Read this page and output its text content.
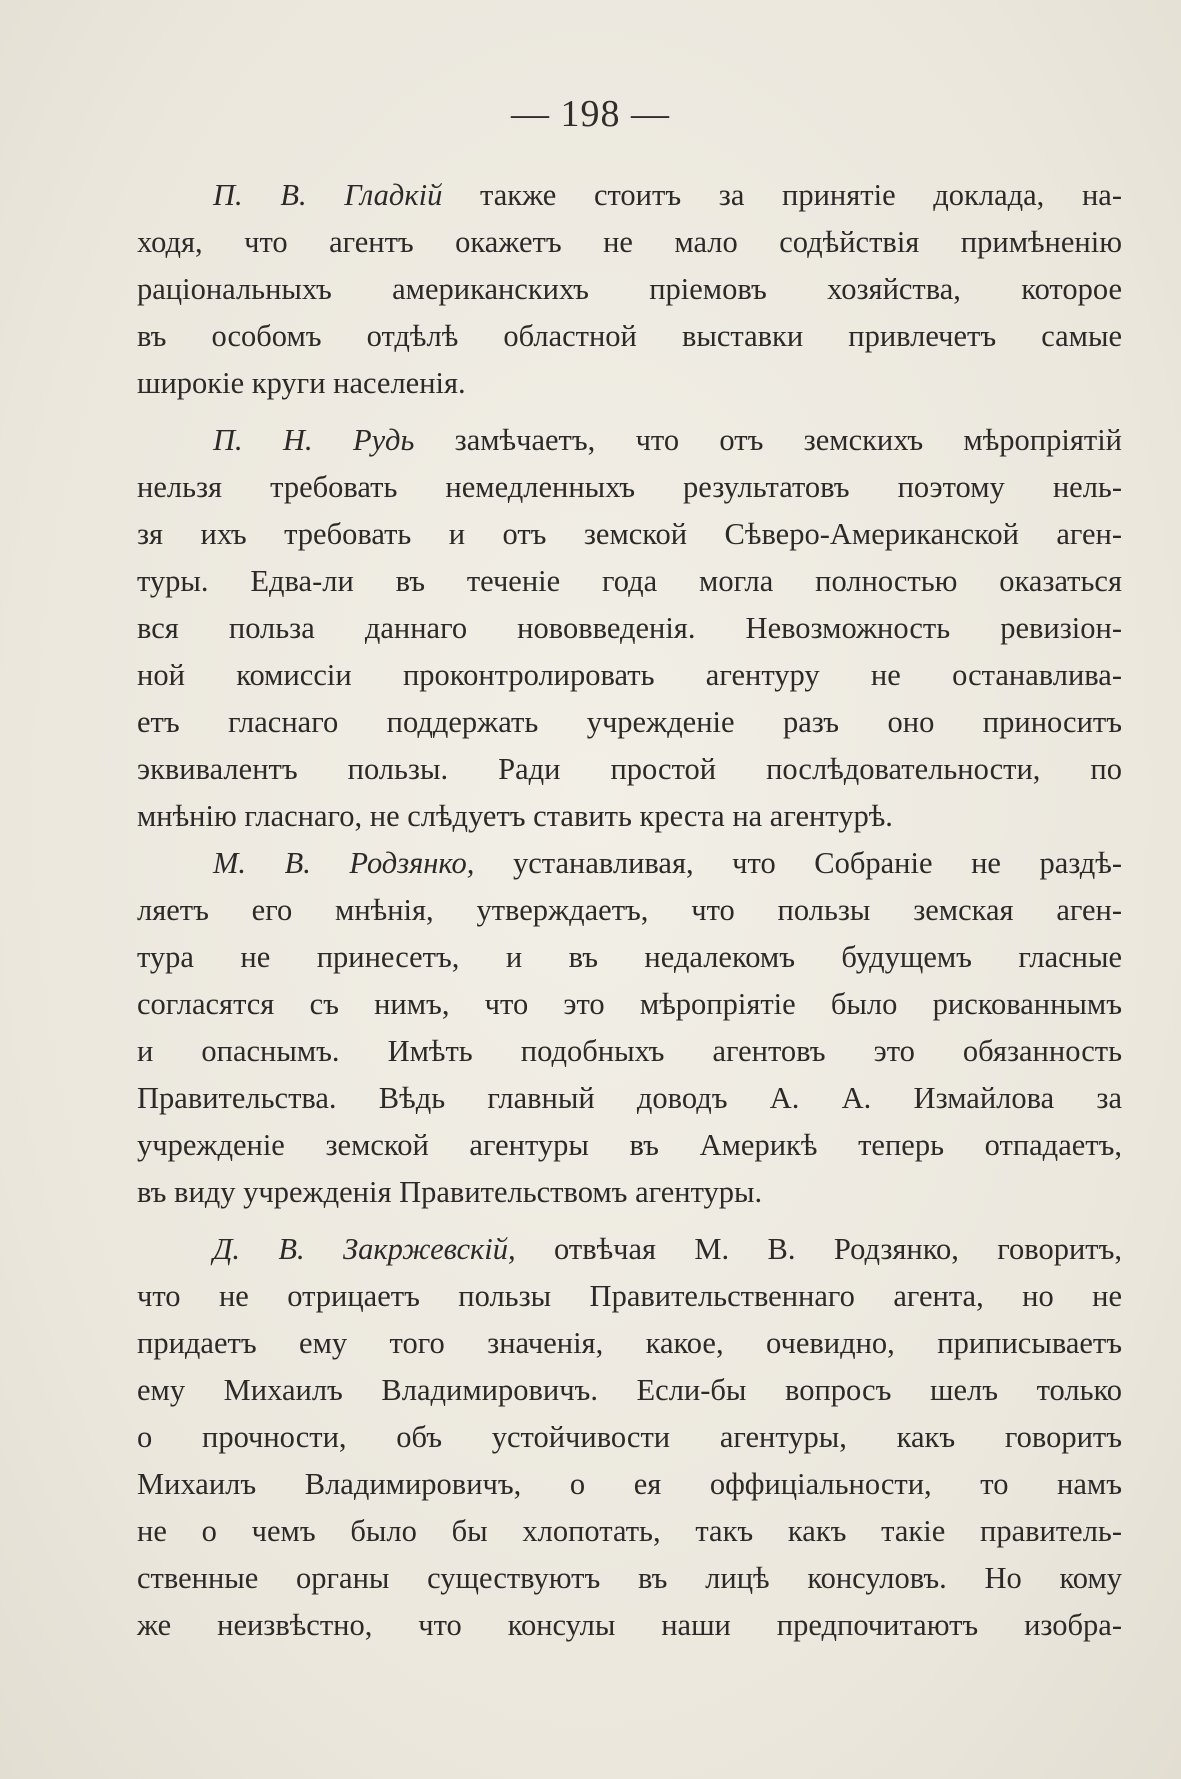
— 198 —
П. В. Гладкій также стоитъ за принятіе доклада, на-
ходя, что агентъ окажетъ не мало содѣйствія примѣненію
раціональныхъ американскихъ пріемовъ хозяйства, которое
въ особомъ отдѣлѣ областной выставки привлечетъ самые
широкіе круги населенія.
П. Н. Рудь замѣчаетъ, что отъ земскихъ мѣропріятій
нельзя требовать немедленныхъ результатовъ поэтому нель-
зя ихъ требовать и отъ земской Сѣверо-Американской аген-
туры. Едва-ли въ теченіе года могла полностью оказаться
вся польза даннаго нововведенія. Невозможность ревизіон-
ной комиссіи проконтролировать агентуру не останавлива-
етъ гласнаго поддержать учрежденіе разъ оно приноситъ
эквивалентъ пользы. Ради простой послѣдовательности, по
мнѣнію гласнаго, не слѣдуетъ ставить креста на агентурѣ.
М. В. Родзянко, устанавливая, что Собраніе не раздѣ-
ляетъ его мнѣнія, утверждаетъ, что пользы земская аген-
тура не принесетъ, и въ недалекомъ будущемъ гласные
согласятся съ нимъ, что это мѣропріятіе было рискованнымъ
и опаснымъ. Имѣть подобныхъ агентовъ это обязанность
Правительства. Вѣдь главный доводъ А. А. Измайлова за
учрежденіе земской агентуры въ Америкѣ теперь отпадаетъ,
въ виду учрежденія Правительствомъ агентуры.
Д. В. Закржевскій, отвѣчая М. В. Родзянко, говоритъ,
что не отрицаетъ пользы Правительственнаго агента, но не
придаетъ ему того значенія, какое, очевидно, приписываетъ
ему Михаилъ Владимировичъ. Если-бы вопросъ шелъ только
о прочности, объ устойчивости агентуры, какъ говоритъ
Михаилъ Владимировичъ, о ея оффиціальности, то намъ
не о чемъ было бы хлопотать, такъ какъ такіе правитель-
ственные органы существуютъ въ лицѣ консуловъ. Но кому
же неизвѣстно, что консулы наши предпочитаютъ изобра-
